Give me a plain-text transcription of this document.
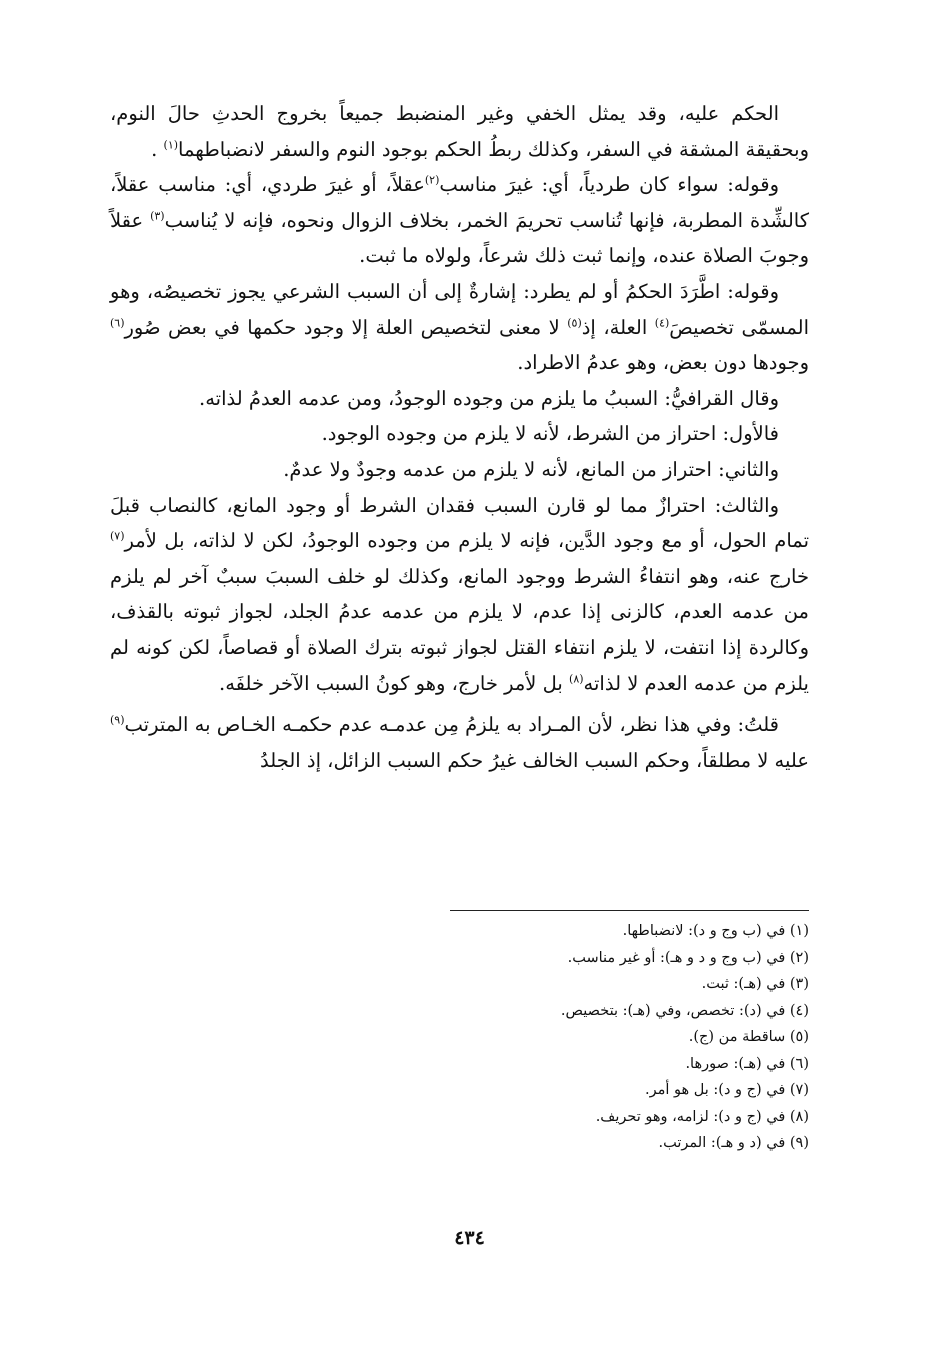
الحكم عليه، وقد يمثل الخفي وغير المنضبط جميعاً بخروج الحدثِ حالَ النوم، وبحقيقة المشقة في السفر، وكذلك ربطُ الحكم بوجود النوم والسفر لانضباطهما$^{(١)}$ .

وقوله: سواء كان طردياً، أي: غيرَ مناسب$^{(٢)}$عقلاً، أو غيرَ طردي، أي: مناسب عقلاً، كالشِّدة المطربة، فإنها تُناسب تحريمَ الخمر، بخلاف الزوال ونحوه، فإنه لا يُناسب$^{(٣)}$ عقلاً وجوبَ الصلاة عنده، وإنما ثبت ذلك شرعاً، ولولاه ما ثبت.

وقوله: اطَّرَدَ الحكمُ أو لم يطرد: إشارةٌ إلى أن السبب الشرعي يجوز تخصيصُه، وهو المسمّى تخصيصَ$^{(٤)}$ العلة، إذ$^{(٥)}$ لا معنى لتخصيص العلة إلا وجود حكمها في بعض صُور$^{(٦)}$ وجودها دون بعض، وهو عدمُ الاطراد.

وقال القرافيُّ: السببُ ما يلزم من وجوده الوجودُ، ومن عدمه العدمُ لذاته.

فالأول: احتراز من الشرط، لأنه لا يلزم من وجوده الوجود.

والثاني: احتراز من المانع، لأنه لا يلزم من عدمه وجودٌ ولا عدمٌ.

والثالث: احترازٌ مما لو قارن السبب فقدان الشرط أو وجود المانع، كالنصاب قبلَ تمام الحول، أو مع وجود الدَّين، فإنه لا يلزم من وجوده الوجودُ، لكن لا لذاته، بل لأمر$^{(٧)}$ خارج عنه، وهو انتفاءُ الشرط ووجود المانع، وكذلك لو خلف السببَ سببٌ آخر لم يلزم من عدمه العدم، كالزنى إذا عدم، لا يلزم من عدمه عدمُ الجلد، لجواز ثبوته بالقذف، وكالردة إذا انتفت، لا يلزم انتفاء القتل لجواز ثبوته بترك الصلاة أو قصاصاً، لكن كونه لم يلزم من عدمه العدم لا لذاته$^{(٨)}$ بل لأمر خارج، وهو كونُ السبب الآخر خلفَه.

قلتُ: وفي هذا نظر، لأن المـراد به يلزمُ مِن عدمـه عدم حكمـه الخـاص به المترتب$^{(٩)}$ عليه لا مطلقاً، وحكم السبب الخالف غيرُ حكم السبب الزائل، إذ الجلدُ

(١) في (ب وج و د): لانضباطها.

(٢) في (ب وج و د و هـ): أو غير مناسب.

(٣) في (هـ): ثبت.

(٤) في (د): تخصص، وفي (هـ): بتخصيص.

(٥) ساقطة من (ج).

(٦) في (هـ): صورها.

(٧) في (ج و د): بل هو أمر.

(٨) في (ج و د): لزامه، وهو تحريف.

(٩) في (د و هـ): المرتب.

٤٣٤
